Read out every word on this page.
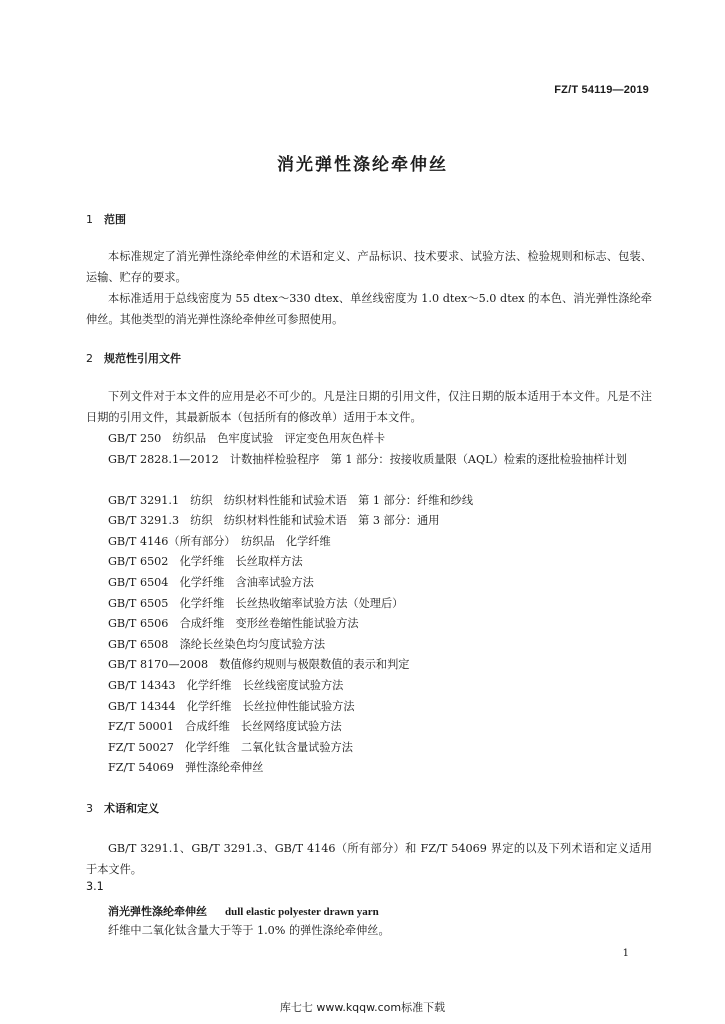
FZ/T 54119—2019
消光弹性涤纶牵伸丝
1 范围
本标准规定了消光弹性涤纶牵伸丝的术语和定义、产品标识、技术要求、试验方法、检验规则和标志、包装、运输、贮存的要求。
本标准适用于总线密度为 55 dtex～330 dtex、单丝线密度为 1.0 dtex～5.0 dtex 的本色、消光弹性涤纶牵伸丝。其他类型的消光弹性涤纶牵伸丝可参照使用。
2 规范性引用文件
下列文件对于本文件的应用是必不可少的。凡是注日期的引用文件，仅注日期的版本适用于本文件。凡是不注日期的引用文件，其最新版本（包括所有的修改单）适用于本文件。
GB/T 250　纺织品　色牢度试验　评定变色用灰色样卡
GB/T 2828.1—2012　计数抽样检验程序　第 1 部分：按接收质量限（AQL）检索的逐批检验抽样计划
GB/T 3291.1　纺织　纺织材料性能和试验术语　第 1 部分：纤维和纱线
GB/T 3291.3　纺织　纺织材料性能和试验术语　第 3 部分：通用
GB/T 4146（所有部分）　纺织品　化学纤维
GB/T 6502　化学纤维　长丝取样方法
GB/T 6504　化学纤维　含油率试验方法
GB/T 6505　化学纤维　长丝热收缩率试验方法（处理后）
GB/T 6506　合成纤维　变形丝卷缩性能试验方法
GB/T 6508　涤纶长丝染色均匀度试验方法
GB/T 8170—2008　数值修约规则与极限数值的表示和判定
GB/T 14343　化学纤维　长丝线密度试验方法
GB/T 14344　化学纤维　长丝拉伸性能试验方法
FZ/T 50001　合成纤维　长丝网络度试验方法
FZ/T 50027　化学纤维　二氧化钛含量试验方法
FZ/T 54069　弹性涤纶牵伸丝
3 术语和定义
GB/T 3291.1、GB/T 3291.3、GB/T 4146（所有部分）和 FZ/T 54069 界定的以及下列术语和定义适用于本文件。
3.1
消光弹性涤纶牵伸丝 dull elastic polyester drawn yarn
纤维中二氧化钛含量大于等于 1.0% 的弹性涤纶牵伸丝。
1
库七七 www.kqqw.com标准下载
